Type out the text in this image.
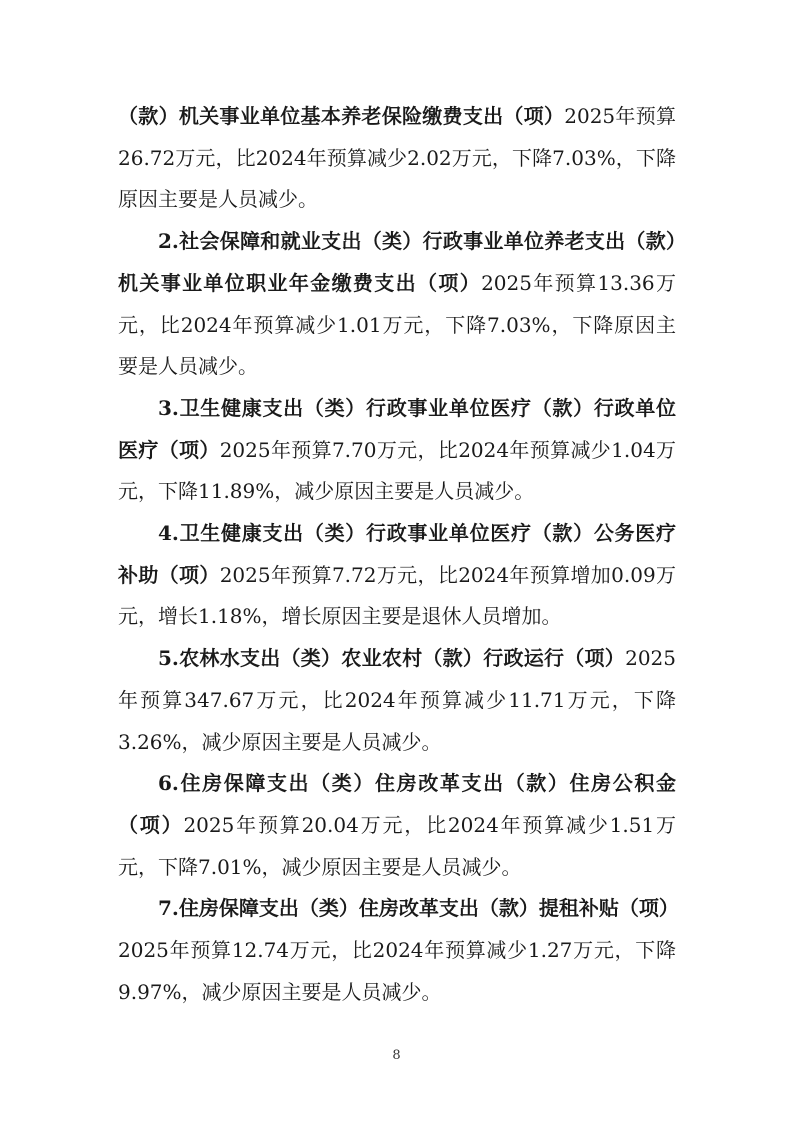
（款）机关事业单位基本养老保险缴费支出（项）2025年预算26.72万元，比2024年预算减少2.02万元，下降7.03%，下降原因主要是人员减少。

2.社会保障和就业支出（类）行政事业单位养老支出（款）机关事业单位职业年金缴费支出（项）2025年预算13.36万元，比2024年预算减少1.01万元，下降7.03%，下降原因主要是人员减少。

3.卫生健康支出（类）行政事业单位医疗（款）行政单位医疗（项）2025年预算7.70万元，比2024年预算减少1.04万元，下降11.89%，减少原因主要是人员减少。

4.卫生健康支出（类）行政事业单位医疗（款）公务医疗补助（项）2025年预算7.72万元，比2024年预算增加0.09万元，增长1.18%，增长原因主要是退休人员增加。

5.农林水支出（类）农业农村（款）行政运行（项）2025年预算347.67万元，比2024年预算减少11.71万元，下降3.26%，减少原因主要是人员减少。

6.住房保障支出（类）住房改革支出（款）住房公积金（项）2025年预算20.04万元，比2024年预算减少1.51万元，下降7.01%，减少原因主要是人员减少。

7.住房保障支出（类）住房改革支出（款）提租补贴（项）2025年预算12.74万元，比2024年预算减少1.27万元，下降9.97%，减少原因主要是人员减少。

8
